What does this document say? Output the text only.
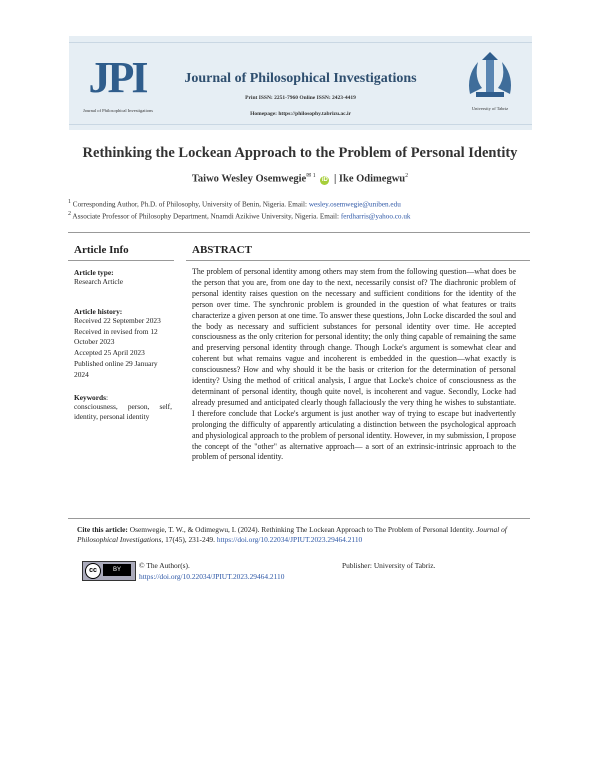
JPI
Journal of Philosophical Investigations
Journal of Philosophical Investigations
Print ISSN: 2251-7960 Online ISSN: 2423-4419
Homepage: https://philosophy.tabrizu.ac.ir
University of Tabriz
Rethinking the Lockean Approach to the Problem of Personal Identity
Taiwo Wesley Osemwegie$^{✉ 1}$ iD | Ike Odimegwu$^2$
$^1$ Corresponding Author, Ph.D. of Philosophy, University of Benin, Nigeria. Email: wesley.osemwegie@uniben.edu
$^2$ Associate Professor of Philosophy Department, Nnamdi Azikiwe University, Nigeria. Email: ferdharris@yahoo.co.uk
Article Info	ABSTRACT
Article type:
Research Article
Article history:
Received 22 September 2023
Received in revised from 12 October 2023
Accepted 25 April 2023
Published online 29 January 2024
Keywords:
consciousness, person, self, identity, personal identity
The problem of personal identity among others may stem from the following question—what does be the person that you are, from one day to the next, necessarily consist of? The diachronic problem of personal identity raises question on the necessary and sufficient conditions for the identity of the person over time. The synchronic problem is grounded in the question of what features or traits characterize a given person at one time. To answer these questions, John Locke discarded the soul and the body as necessary and sufficient substances for personal identity over time. He accepted consciousness as the only criterion for personal identity; the only thing capable of remaining the same and preserving personal identity through change. Though Locke's argument is somewhat clear and coherent but what remains vague and incoherent is embedded in the question—what exactly is consciousness? How and why should it be the basis or criterion for the determination of personal identity? Using the method of critical analysis, I argue that Locke's choice of consciousness as the determinant of personal identity, though quite novel, is incoherent and vague. Secondly, Locke had already presumed and anticipated clearly though fallaciously the very thing he wishes to substantiate. I therefore conclude that Locke's argument is just another way of trying to escape but inadvertently prolonging the difficulty of apparently articulating a distinction between the psychological approach and physiological approach to the problem of personal identity. However, in my submission, I propose the concept of the "other" as alternative approach— a sort of an extrinsic-intrinsic approach to the problem of personal identity.
Cite this article: Osemwegie, T. W., & Odimegwu, I. (2024). Rethinking The Lockean Approach to The Problem of Personal Identity. Journal of Philosophical Investigations, 17(45), 231-249. https://doi.org/10.22034/JPIUT.2023.29464.2110
cc	BY	© The Author(s).
https://doi.org/10.22034/JPIUT.2023.29464.2110
Publisher: University of Tabriz.
